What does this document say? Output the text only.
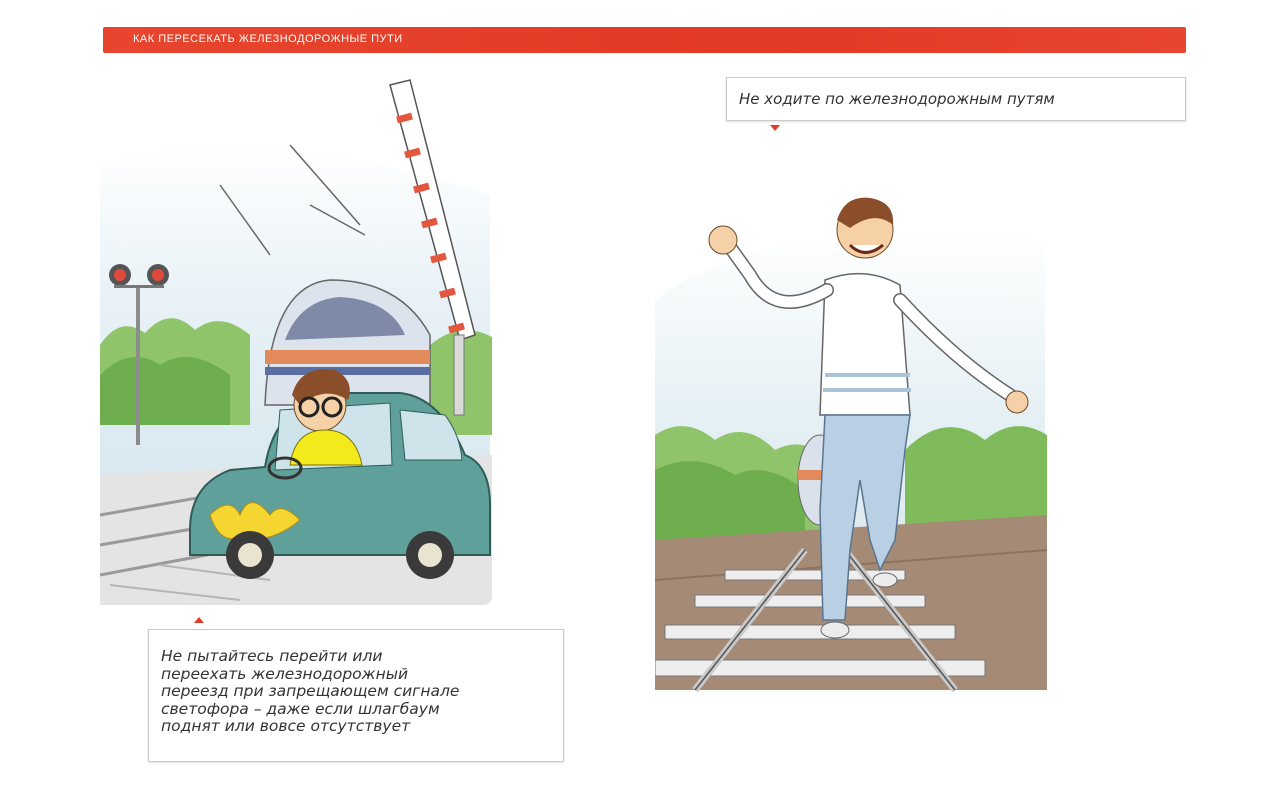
КАК ПЕРЕСЕКАТЬ ЖЕЛЕЗНОДОРОЖНЫЕ ПУТИ
Не ходите по железнодорожным путям
Не пытайтесь перейти или
переехать железнодорожный
переезд при запрещающем сигнале
светофора – даже если шлагбаум
поднят или вовсе отсутствует
